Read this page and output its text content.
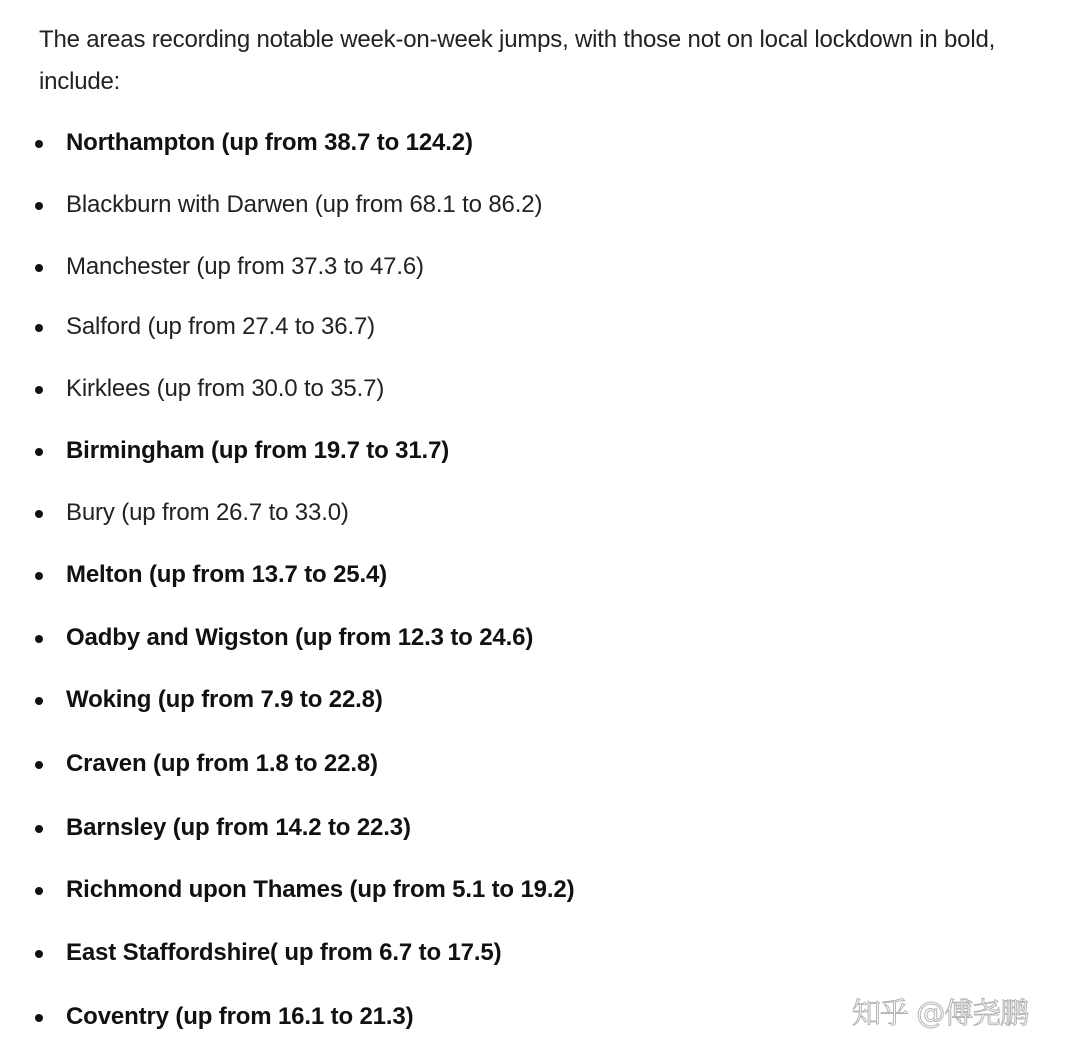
The areas recording notable week-on-week jumps, with those not on local lockdown in bold, include:

Northampton (up from 38.7 to 124.2)
Blackburn with Darwen (up from 68.1 to 86.2)
Manchester (up from 37.3 to 47.6)
Salford (up from 27.4 to 36.7)
Kirklees (up from 30.0 to 35.7)
Birmingham (up from 19.7 to 31.7)
Bury (up from 26.7 to 33.0)
Melton (up from 13.7 to 25.4)
Oadby and Wigston (up from 12.3 to 24.6)
Woking (up from 7.9 to 22.8)
Craven (up from 1.8 to 22.8)
Barnsley (up from 14.2 to 22.3)
Richmond upon Thames (up from 5.1 to 19.2)
East Staffordshire( up from 6.7 to 17.5)
Coventry (up from 16.1 to 21.3)	知乎 @傅尧鹏
